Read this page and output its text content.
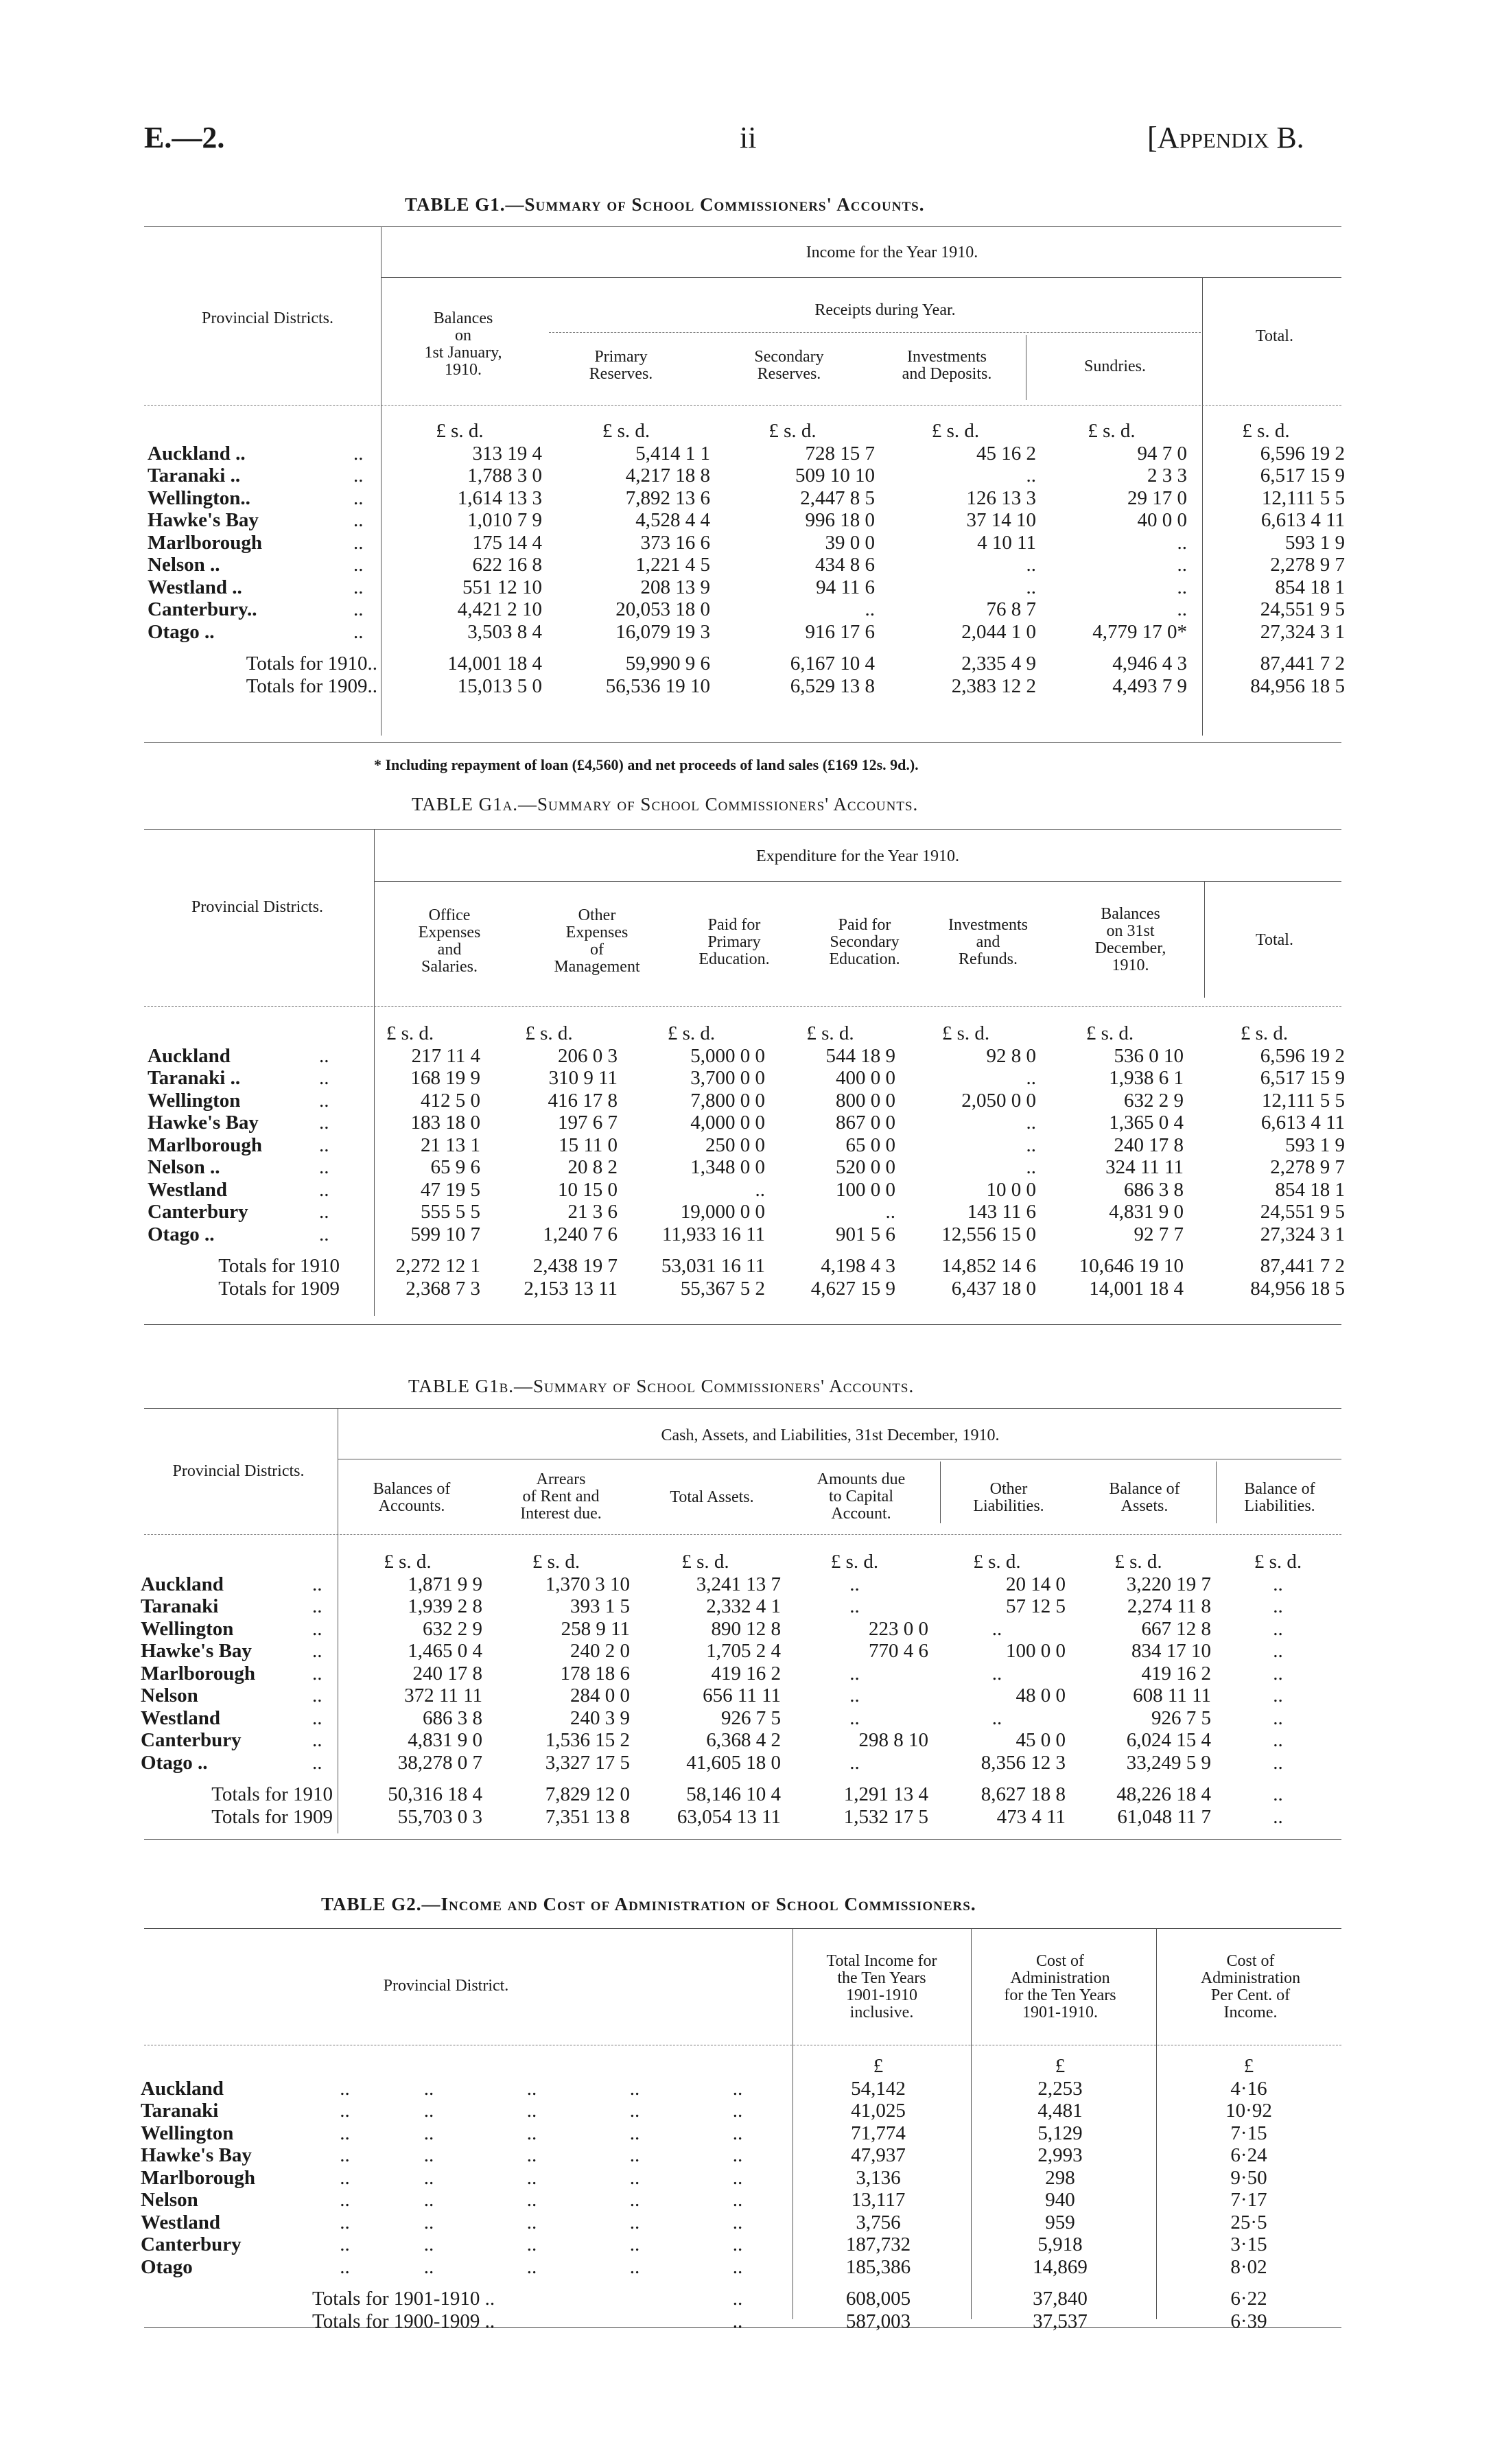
E.—2.	ii	[Appendix B.
TABLE G1.—Summary of School Commissioners' Accounts.
Income for the Year 1910.
Provincial Districts.	Receipts during Year.
Balances
on
1st January,
1910.
Primary
Reserves.
Secondary
Reserves.
Investments
and Deposits.	Sundries.
Total.
		£ s. d.	£ s. d.	£ s. d.	£ s. d.	£ s. d.	£ s. d.
Auckland ..	..	313 19 4	5,414 1 1	728 15 7	45 16 2	94 7 0	6,596 19 2
Taranaki ..	..	1,788 3 0	4,217 18 8	509 10 10	..	2 3 3	6,517 15 9
Wellington..	..	1,614 13 3	7,892 13 6	2,447 8 5	126 13 3	29 17 0	12,111 5 5
Hawke's Bay	..	1,010 7 9	4,528 4 4	996 18 0	37 14 10	40 0 0	6,613 4 11
Marlborough	..	175 14 4	373 16 6	39 0 0	4 10 11	..	593 1 9
Nelson ..	..	622 16 8	1,221 4 5	434 8 6	..	..	2,278 9 7
Westland ..	..	551 12 10	208 13 9	94 11 6	..	..	854 18 1
Canterbury..	..	4,421 2 10	20,053 18 0	..	76 8 7	..	24,551 9 5
Otago ..	..	3,503 8 4	16,079 19 3	916 17 6	2,044 1 0	4,779 17 0*	27,324 3 1

Totals for 1910..		14,001 18 4	59,990 9 6	6,167 10 4	2,335 4 9	4,946 4 3	87,441 7 2
Totals for 1909..		15,013 5 0	56,536 19 10	6,529 13 8	2,383 12 2	4,493 7 9	84,956 18 5
* Including repayment of loan (£4,560) and net proceeds of land sales (£169 12s. 9d.).
TABLE G1a.—Summary of School Commissioners' Accounts.
Expenditure for the Year 1910.
Provincial Districts.	Office
Expenses
and
Salaries.
Other
Expenses
of
Management
Paid for
Primary
Education.
Paid for
Secondary
Education.
Investments
and
Refunds.
Balances
on 31st
December,
1910.
Total.
		£ s. d.	£ s. d.	£ s. d.	£ s. d.	£ s. d.	£ s. d.	£ s. d.
Auckland	..	217 11 4	206 0 3	5,000 0 0	544 18 9	92 8 0	536 0 10	6,596 19 2
Taranaki ..	..	168 19 9	310 9 11	3,700 0 0	400 0 0	..	1,938 6 1	6,517 15 9
Wellington	..	412 5 0	416 17 8	7,800 0 0	800 0 0	2,050 0 0	632 2 9	12,111 5 5
Hawke's Bay	..	183 18 0	197 6 7	4,000 0 0	867 0 0	..	1,365 0 4	6,613 4 11
Marlborough	..	21 13 1	15 11 0	250 0 0	65 0 0	..	240 17 8	593 1 9
Nelson ..	..	65 9 6	20 8 2	1,348 0 0	520 0 0	..	324 11 11	2,278 9 7
Westland	..	47 19 5	10 15 0	..	100 0 0	10 0 0	686 3 8	854 18 1
Canterbury	..	555 5 5	21 3 6	19,000 0 0	..	143 11 6	4,831 9 0	24,551 9 5
Otago ..	..	599 10 7	1,240 7 6	11,933 16 11	901 5 6	12,556 15 0	92 7 7	27,324 3 1

Totals for 1910		2,272 12 1	2,438 19 7	53,031 16 11	4,198 4 3	14,852 14 6	10,646 19 10	87,441 7 2
Totals for 1909		2,368 7 3	2,153 13 11	55,367 5 2	4,627 15 9	6,437 18 0	14,001 18 4	84,956 18 5
TABLE G1b.—Summary of School Commissioners' Accounts.
Cash, Assets, and Liabilities, 31st December, 1910.
Provincial Districts.
Balances of
Accounts.
Arrears
of Rent and
Interest due.
Total Assets.
Amounts due
to Capital
Account.
Other
Liabilities.
Balance of
Assets.
Balance of
Liabilities.
		£ s. d.	£ s. d.	£ s. d.	£ s. d.	£ s. d.	£ s. d.	£ s. d.
Auckland	..	1,871 9 9	1,370 3 10	3,241 13 7	..	20 14 0	3,220 19 7	..
Taranaki	..	1,939 2 8	393 1 5	2,332 4 1	..	57 12 5	2,274 11 8	..
Wellington	..	632 2 9	258 9 11	890 12 8	223 0 0	..	667 12 8	..
Hawke's Bay	..	1,465 0 4	240 2 0	1,705 2 4	770 4 6	100 0 0	834 17 10	..
Marlborough	..	240 17 8	178 18 6	419 16 2	..	..	419 16 2	..
Nelson	..	372 11 11	284 0 0	656 11 11	..	48 0 0	608 11 11	..
Westland	..	686 3 8	240 3 9	926 7 5	..	..	926 7 5	..
Canterbury	..	4,831 9 0	1,536 15 2	6,368 4 2	298 8 10	45 0 0	6,024 15 4	..
Otago ..	..	38,278 0 7	3,327 17 5	41,605 18 0	..	8,356 12 3	33,249 5 9	..

Totals for 1910		50,316 18 4	7,829 12 0	58,146 10 4	1,291 13 4	8,627 18 8	48,226 18 4	..
Totals for 1909		55,703 0 3	7,351 13 8	63,054 13 11	1,532 17 5	473 4 11	61,048 11 7	..
TABLE G2.—Income and Cost of Administration of School Commissioners.
Provincial District.
Total Income for
the Ten Years
1901-1910
inclusive.
Cost of
Administration
for the Ten Years
1901-1910.
Cost of
Administration
Per Cent. of
Income.
						£	£	£
Auckland	..	..	..	..	..	54,142	2,253	4·16
Taranaki	..	..	..	..	..	41,025	4,481	10·92
Wellington	..	..	..	..	..	71,774	5,129	7·15
Hawke's Bay	..	..	..	..	..	47,937	2,993	6·24
Marlborough	..	..	..	..	..	3,136	298	9·50
Nelson	..	..	..	..	..	13,117	940	7·17
Westland	..	..	..	..	..	3,756	959	25·5
Canterbury	..	..	..	..	..	187,732	5,918	3·15
Otago	..	..	..	..	..	185,386	14,869	8·02

	Totals for 1901-1910 ..				..	608,005	37,840	6·22
	Totals for 1900-1909 ..				..	587,003	37,537	6·39
